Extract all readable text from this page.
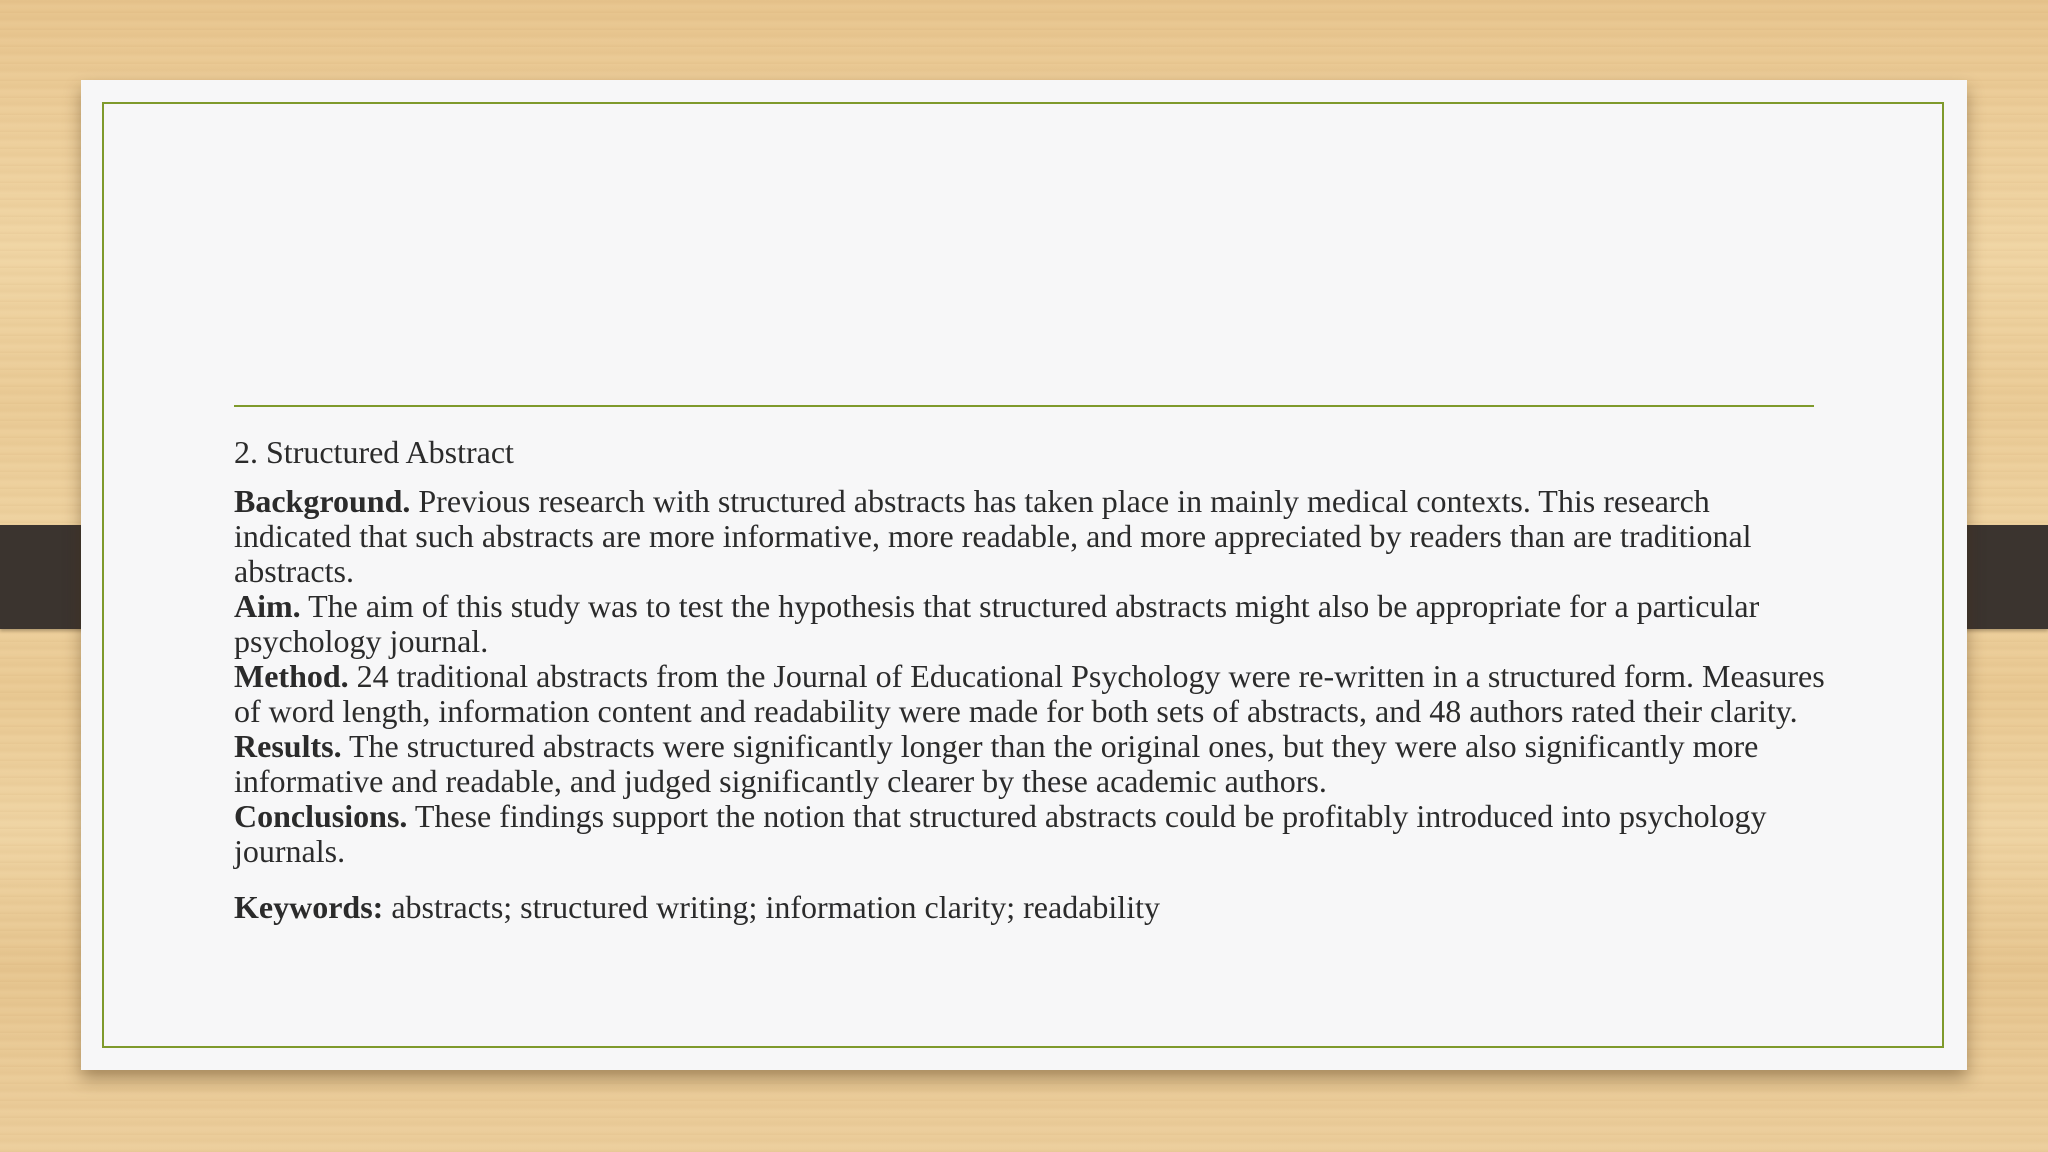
2. Structured Abstract

Background. Previous research with structured abstracts has taken place in mainly medical contexts. This research indicated that such abstracts are more informative, more readable, and more appreciated by readers than are traditional abstracts.

Aim. The aim of this study was to test the hypothesis that structured abstracts might also be appropriate for a particular psychology journal.

Method. 24 traditional abstracts from the Journal of Educational Psychology were re-written in a structured form. Measures of word length, information content and readability were made for both sets of abstracts, and 48 authors rated their clarity.

Results. The structured abstracts were significantly longer than the original ones, but they were also significantly more informative and readable, and judged significantly clearer by these academic authors.

Conclusions. These findings support the notion that structured abstracts could be profitably introduced into psychology journals.

Keywords: abstracts; structured writing; information clarity; readability
